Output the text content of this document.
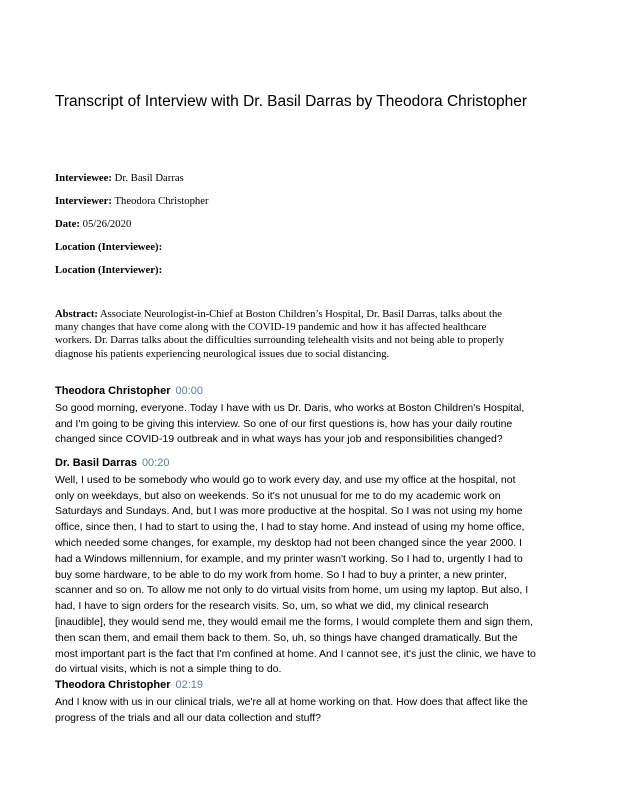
Transcript of Interview with Dr. Basil Darras by Theodora Christopher
Interviewee: Dr. Basil Darras
Interviewer: Theodora Christopher
Date: 05/26/2020
Location (Interviewee):
Location (Interviewer):
Abstract: Associate Neurologist-in-Chief at Boston Children’s Hospital, Dr. Basil Darras, talks about the
many changes that have come along with the COVID-19 pandemic and how it has affected healthcare
workers. Dr. Darras talks about the difficulties surrounding telehealth visits and not being able to properly
diagnose his patients experiencing neurological issues due to social distancing.
Theodora Christopher 00:00
So good morning, everyone. Today I have with us Dr. Daris, who works at Boston Children's Hospital,
and I'm going to be giving this interview. So one of our first questions is, how has your daily routine
changed since COVID-19 outbreak and in what ways has your job and responsibilities changed?
Dr. Basil Darras 00:20
Well, I used to be somebody who would go to work every day, and use my office at the hospital, not
only on weekdays, but also on weekends. So it's not unusual for me to do my academic work on
Saturdays and Sundays. And, but I was more productive at the hospital. So I was not using my home
office, since then, I had to start to using the, I had to stay home. And instead of using my home office,
which needed some changes, for example, my desktop had not been changed since the year 2000. I
had a Windows millennium, for example, and my printer wasn't working. So I had to, urgently I had to
buy some hardware, to be able to do my work from home. So I had to buy a printer, a new printer,
scanner and so on. To allow me not only to do virtual visits from home, um using my laptop. But also, I
had, I have to sign orders for the research visits. So, um, so what we did, my clinical research
[inaudible], they would send me, they would email me the forms, I would complete them and sign them,
then scan them, and email them back to them. So, uh, so things have changed dramatically. But the
most important part is the fact that I'm confined at home. And I cannot see, it's just the clinic, we have to
do virtual visits, which is not a simple thing to do.
Theodora Christopher 02:19
And I know with us in our clinical trials, we're all at home working on that. How does that affect like the
progress of the trials and all our data collection and stuff?
